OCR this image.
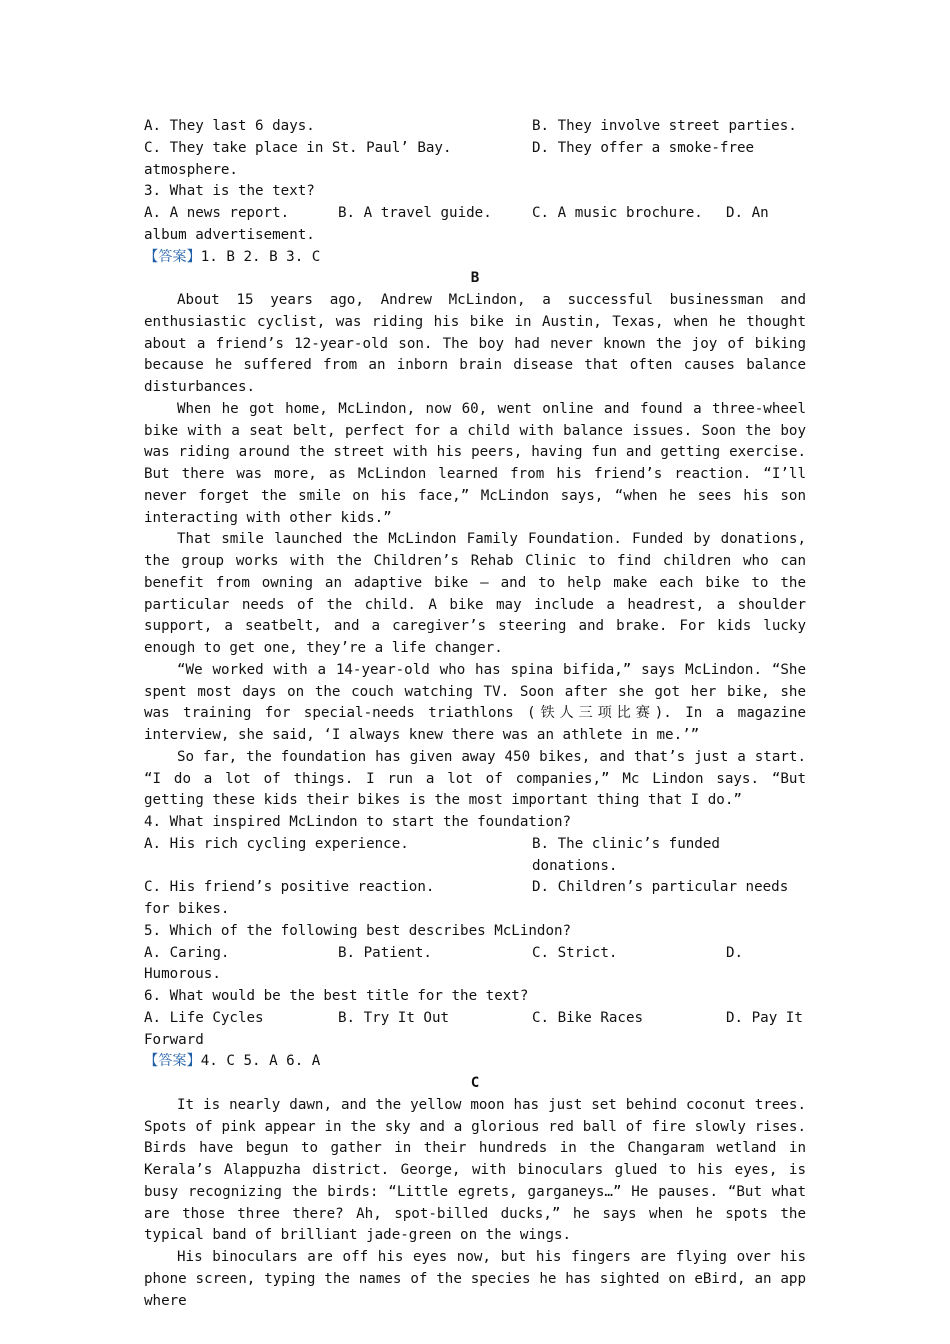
A. They last 6 days.	B. They involve street parties.
C. They take place in St. Paul’ Bay.	D. They offer a smoke-free

atmosphere.

3. What is the text?

A. A news report.	B. A travel guide.	C. A music brochure.	D. An

album advertisement.

【答案】1. B 2. B 3. C

B

About 15 years ago, Andrew McLindon, a successful businessman and enthusiastic cyclist, was riding his bike in Austin, Texas, when he thought about a friend’s 12-year-old son. The boy had never known the joy of biking because he suffered from an inborn brain disease that often causes balance disturbances.

When he got home, McLindon, now 60, went online and found a three-wheel bike with a seat belt, perfect for a child with balance issues. Soon the boy was riding around the street with his peers, having fun and getting exercise. But there was more, as McLindon learned from his friend’s reaction. “I’ll never forget the smile on his face,” McLindon says, “when he sees his son interacting with other kids.”

That smile launched the McLindon Family Foundation. Funded by donations, the group works with the Children’s Rehab Clinic to find children who can benefit from owning an adaptive bike — and to help make each bike to the particular needs of the child. A bike may include a headrest, a shoulder support, a seatbelt, and a caregiver’s steering and brake. For kids lucky enough to get one, they’re a life changer.

“We worked with a 14-year-old who has spina bifida,” says McLindon. “She spent most days on the couch watching TV. Soon after she got her bike, she was training for special-needs triathlons (铁人三项比赛). In a magazine interview, she said, ‘I always knew there was an athlete in me.’”

So far, the foundation has given away 450 bikes, and that’s just a start. “I do a lot of things. I run a lot of companies,” Mc Lindon says. “But getting these kids their bikes is the most important thing that I do.”

4. What inspired McLindon to start the foundation?

A. His rich cycling experience.	B. The clinic’s funded donations.
C. His friend’s positive reaction.	D. Children’s particular needs

for bikes.

5. Which of the following best describes McLindon?

A. Caring.	B. Patient.	C. Strict.	D.

Humorous.

6. What would be the best title for the text?

A. Life Cycles	B. Try It Out	C. Bike Races	D. Pay It

Forward

【答案】4. C 5. A 6. A

C

It is nearly dawn, and the yellow moon has just set behind coconut trees. Spots of pink appear in the sky and a glorious red ball of fire slowly rises. Birds have begun to gather in their hundreds in the Changaram wetland in Kerala’s Alappuzha district. George, with binoculars glued to his eyes, is busy recognizing the birds: “Little egrets, garganeys…” He pauses. “But what are those three there? Ah, spot-billed ducks,” he says when he spots the typical band of brilliant jade-green on the wings.

His binoculars are off his eyes now, but his fingers are flying over his phone screen, typing the names of the species he has sighted on eBird, an app where
